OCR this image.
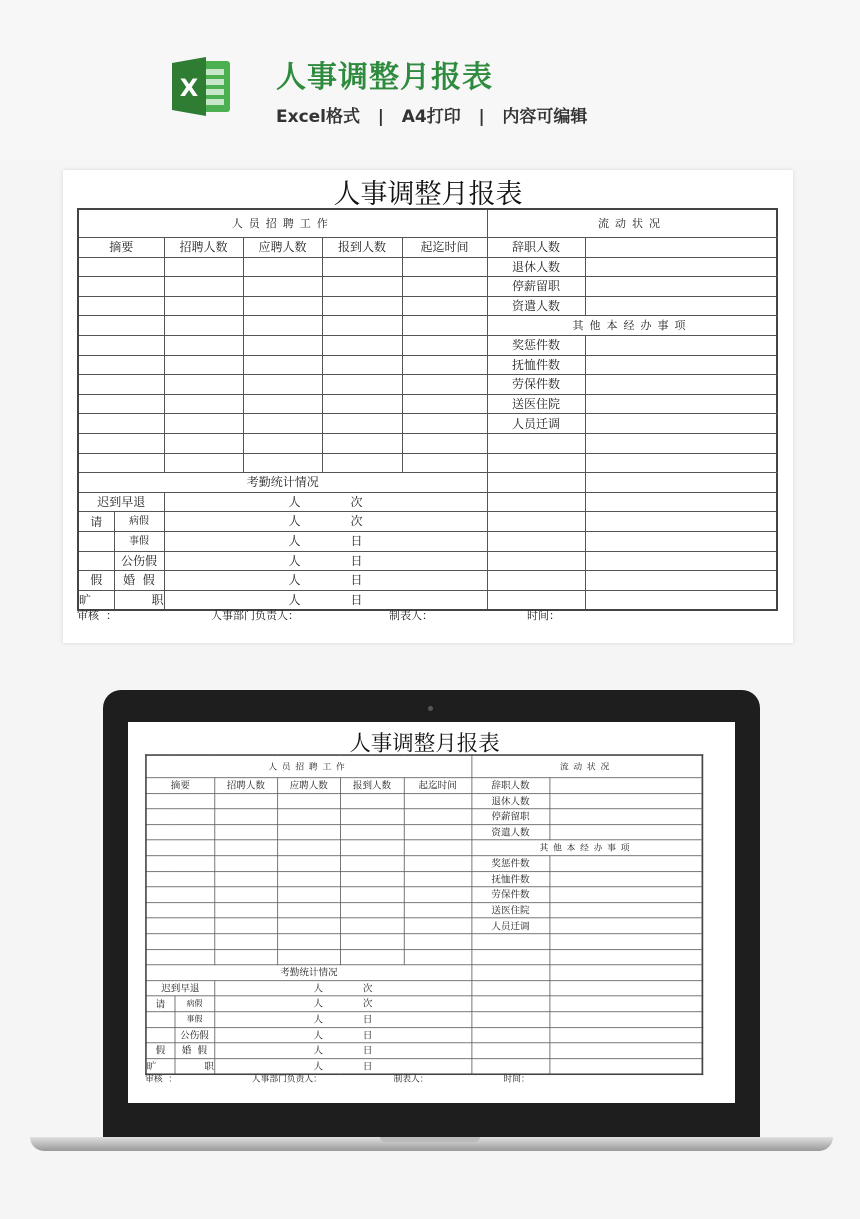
X	人事调整月报表
Excel格式   |   A4打印   |   内容可编辑
人事调整月报表
人员招聘工作						流动状况		
摘要		招聘人数	应聘人数	报到人数	起迄时间	辞职人数		
						退休人数		
						停薪留职		
						资遣人数		
						其他本经办事项		
						奖惩件数		
						抚恤件数		
						劳保件数		
						送医住院		
						人员迁调		

考勤统计情况								
迟到早退		人 次						

请	病假	人 次						

	事假	人 日						

	公伤假	人 日						

假	婚  假	人 日						

旷	职	人 日						

审核  ：	人事部门负责人：	制表人：	时间：
人事调整月报表
人员招聘工作						流动状况		
摘要		招聘人数	应聘人数	报到人数	起迄时间	辞职人数		
						退休人数		
						停薪留职		
						资遣人数		
						其他本经办事项		
						奖惩件数		
						抚恤件数		
						劳保件数		
						送医住院		
						人员迁调		

考勤统计情况								
迟到早退		人 次						

请	病假	人 次						

	事假	人 日						

	公伤假	人 日						

假	婚  假	人 日						

旷	职	人 日						

审核  ：	人事部门负责人：	制表人：	时间：
